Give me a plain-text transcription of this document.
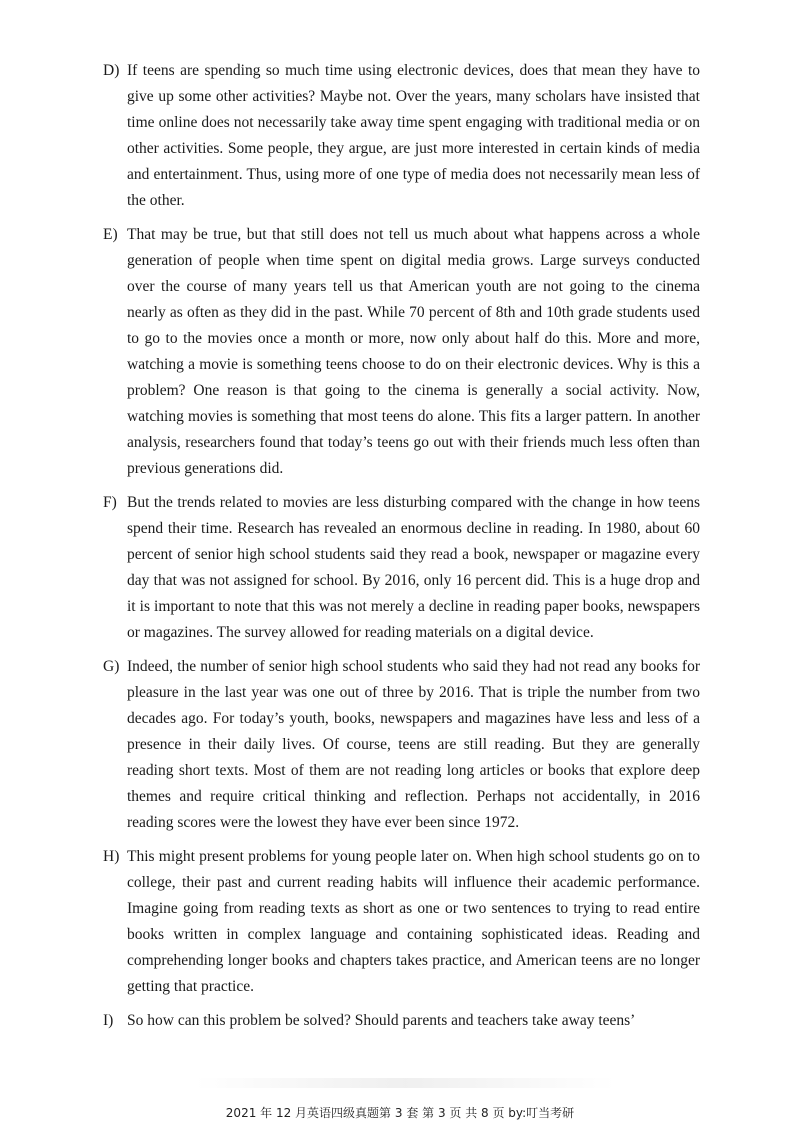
D) If teens are spending so much time using electronic devices, does that mean they have to give up some other activities? Maybe not. Over the years, many scholars have insisted that time online does not necessarily take away time spent engaging with traditional media or on other activities. Some people, they argue, are just more interested in certain kinds of media and entertainment. Thus, using more of one type of media does not necessarily mean less of the other.

E) That may be true, but that still does not tell us much about what happens across a whole generation of people when time spent on digital media grows. Large surveys conducted over the course of many years tell us that American youth are not going to the cinema nearly as often as they did in the past. While 70 percent of 8th and 10th grade students used to go to the movies once a month or more, now only about half do this. More and more, watching a movie is something teens choose to do on their electronic devices. Why is this a problem? One reason is that going to the cinema is generally a social activity. Now, watching movies is something that most teens do alone. This fits a larger pattern. In another analysis, researchers found that today’s teens go out with their friends much less often than previous generations did.

F) But the trends related to movies are less disturbing compared with the change in how teens spend their time. Research has revealed an enormous decline in reading. In 1980, about 60 percent of senior high school students said they read a book, newspaper or magazine every day that was not assigned for school. By 2016, only 16 percent did. This is a huge drop and it is important to note that this was not merely a decline in reading paper books, newspapers or magazines. The survey allowed for reading materials on a digital device.

G) Indeed, the number of senior high school students who said they had not read any books for pleasure in the last year was one out of three by 2016. That is triple the number from two decades ago. For today’s youth, books, newspapers and magazines have less and less of a presence in their daily lives. Of course, teens are still reading. But they are generally reading short texts. Most of them are not reading long articles or books that explore deep themes and require critical thinking and reflection. Perhaps not accidentally, in 2016 reading scores were the lowest they have ever been since 1972.

H) This might present problems for young people later on. When high school students go on to college, their past and current reading habits will influence their academic performance. Imagine going from reading texts as short as one or two sentences to trying to read entire books written in complex language and containing sophisticated ideas. Reading and comprehending longer books and chapters takes practice, and American teens are no longer getting that practice.

I) So how can this problem be solved? Should parents and teachers take away teens’

2021 年 12 月英语四级真题第 3 套 第 3 页 共 8 页 by:叮当考研
